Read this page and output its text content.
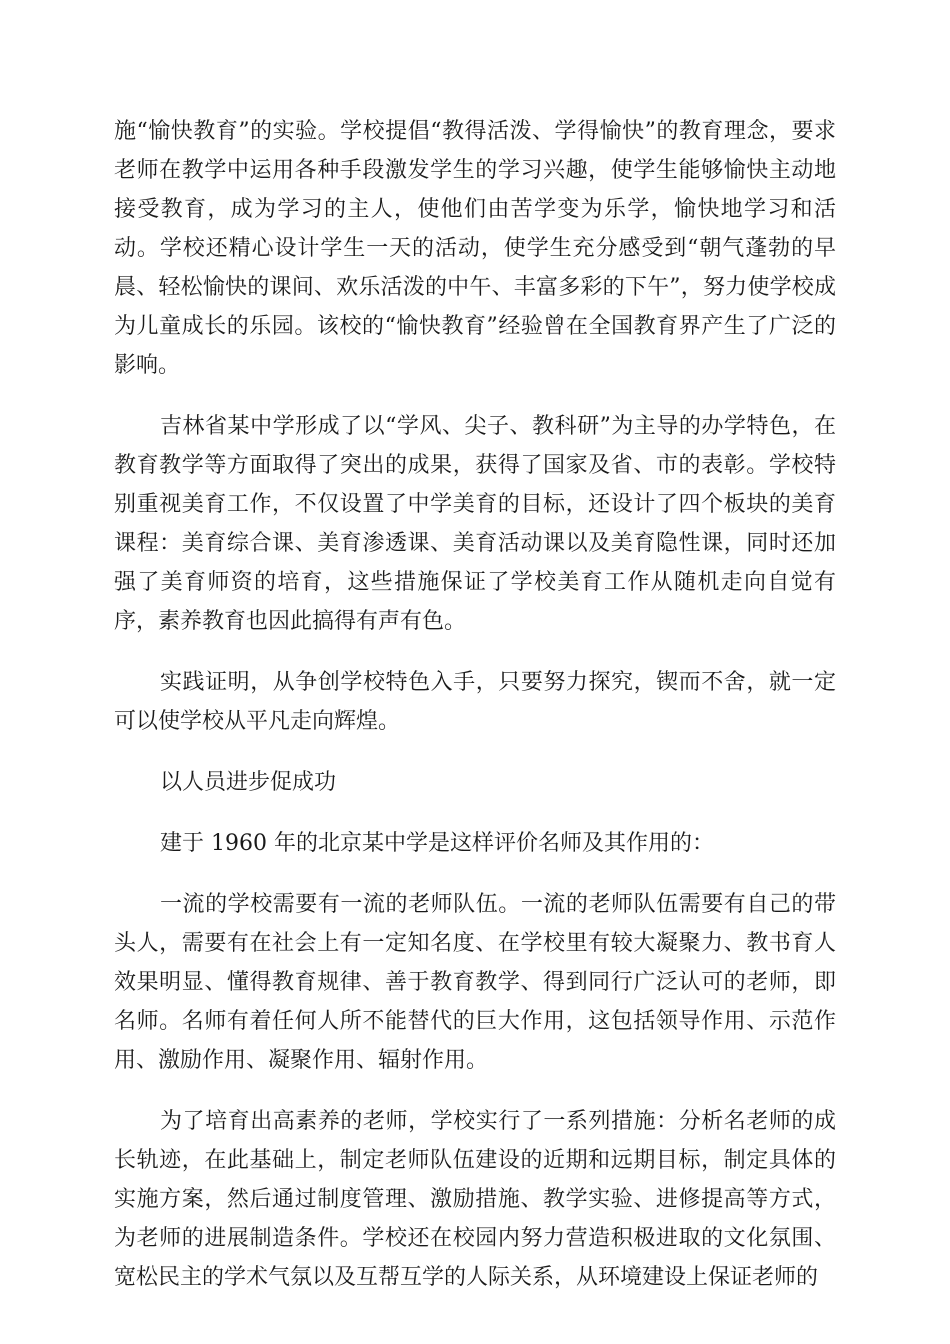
施“愉快教育”的实验。学校提倡“教得活泼、学得愉快”的教育理念，要求老师在教学中运用各种手段激发学生的学习兴趣，使学生能够愉快主动地接受教育，成为学习的主人，使他们由苦学变为乐学，愉快地学习和活动。学校还精心设计学生一天的活动，使学生充分感受到“朝气蓬勃的早晨、轻松愉快的课间、欢乐活泼的中午、丰富多彩的下午”，努力使学校成为儿童成长的乐园。该校的“愉快教育”经验曾在全国教育界产生了广泛的影响。

吉林省某中学形成了以“学风、尖子、教科研”为主导的办学特色，在教育教学等方面取得了突出的成果，获得了国家及省、市的表彰。学校特别重视美育工作，不仅设置了中学美育的目标，还设计了四个板块的美育课程：美育综合课、美育渗透课、美育活动课以及美育隐性课，同时还加强了美育师资的培育，这些措施保证了学校美育工作从随机走向自觉有序，素养教育也因此搞得有声有色。

实践证明，从争创学校特色入手，只要努力探究，锲而不舍，就一定可以使学校从平凡走向辉煌。

以人员进步促成功

建于 1960 年的北京某中学是这样评价名师及其作用的：

一流的学校需要有一流的老师队伍。一流的老师队伍需要有自己的带头人，需要有在社会上有一定知名度、在学校里有较大凝聚力、教书育人效果明显、懂得教育规律、善于教育教学、得到同行广泛认可的老师，即名师。名师有着任何人所不能替代的巨大作用，这包括领导作用、示范作用、激励作用、凝聚作用、辐射作用。

为了培育出高素养的老师，学校实行了一系列措施：分析名老师的成长轨迹，在此基础上，制定老师队伍建设的近期和远期目标，制定具体的实施方案，然后通过制度管理、激励措施、教学实验、进修提高等方式，为老师的进展制造条件。学校还在校园内努力营造积极进取的文化氛围、宽松民主的学术气氛以及互帮互学的人际关系，从环境建设上保证老师的
